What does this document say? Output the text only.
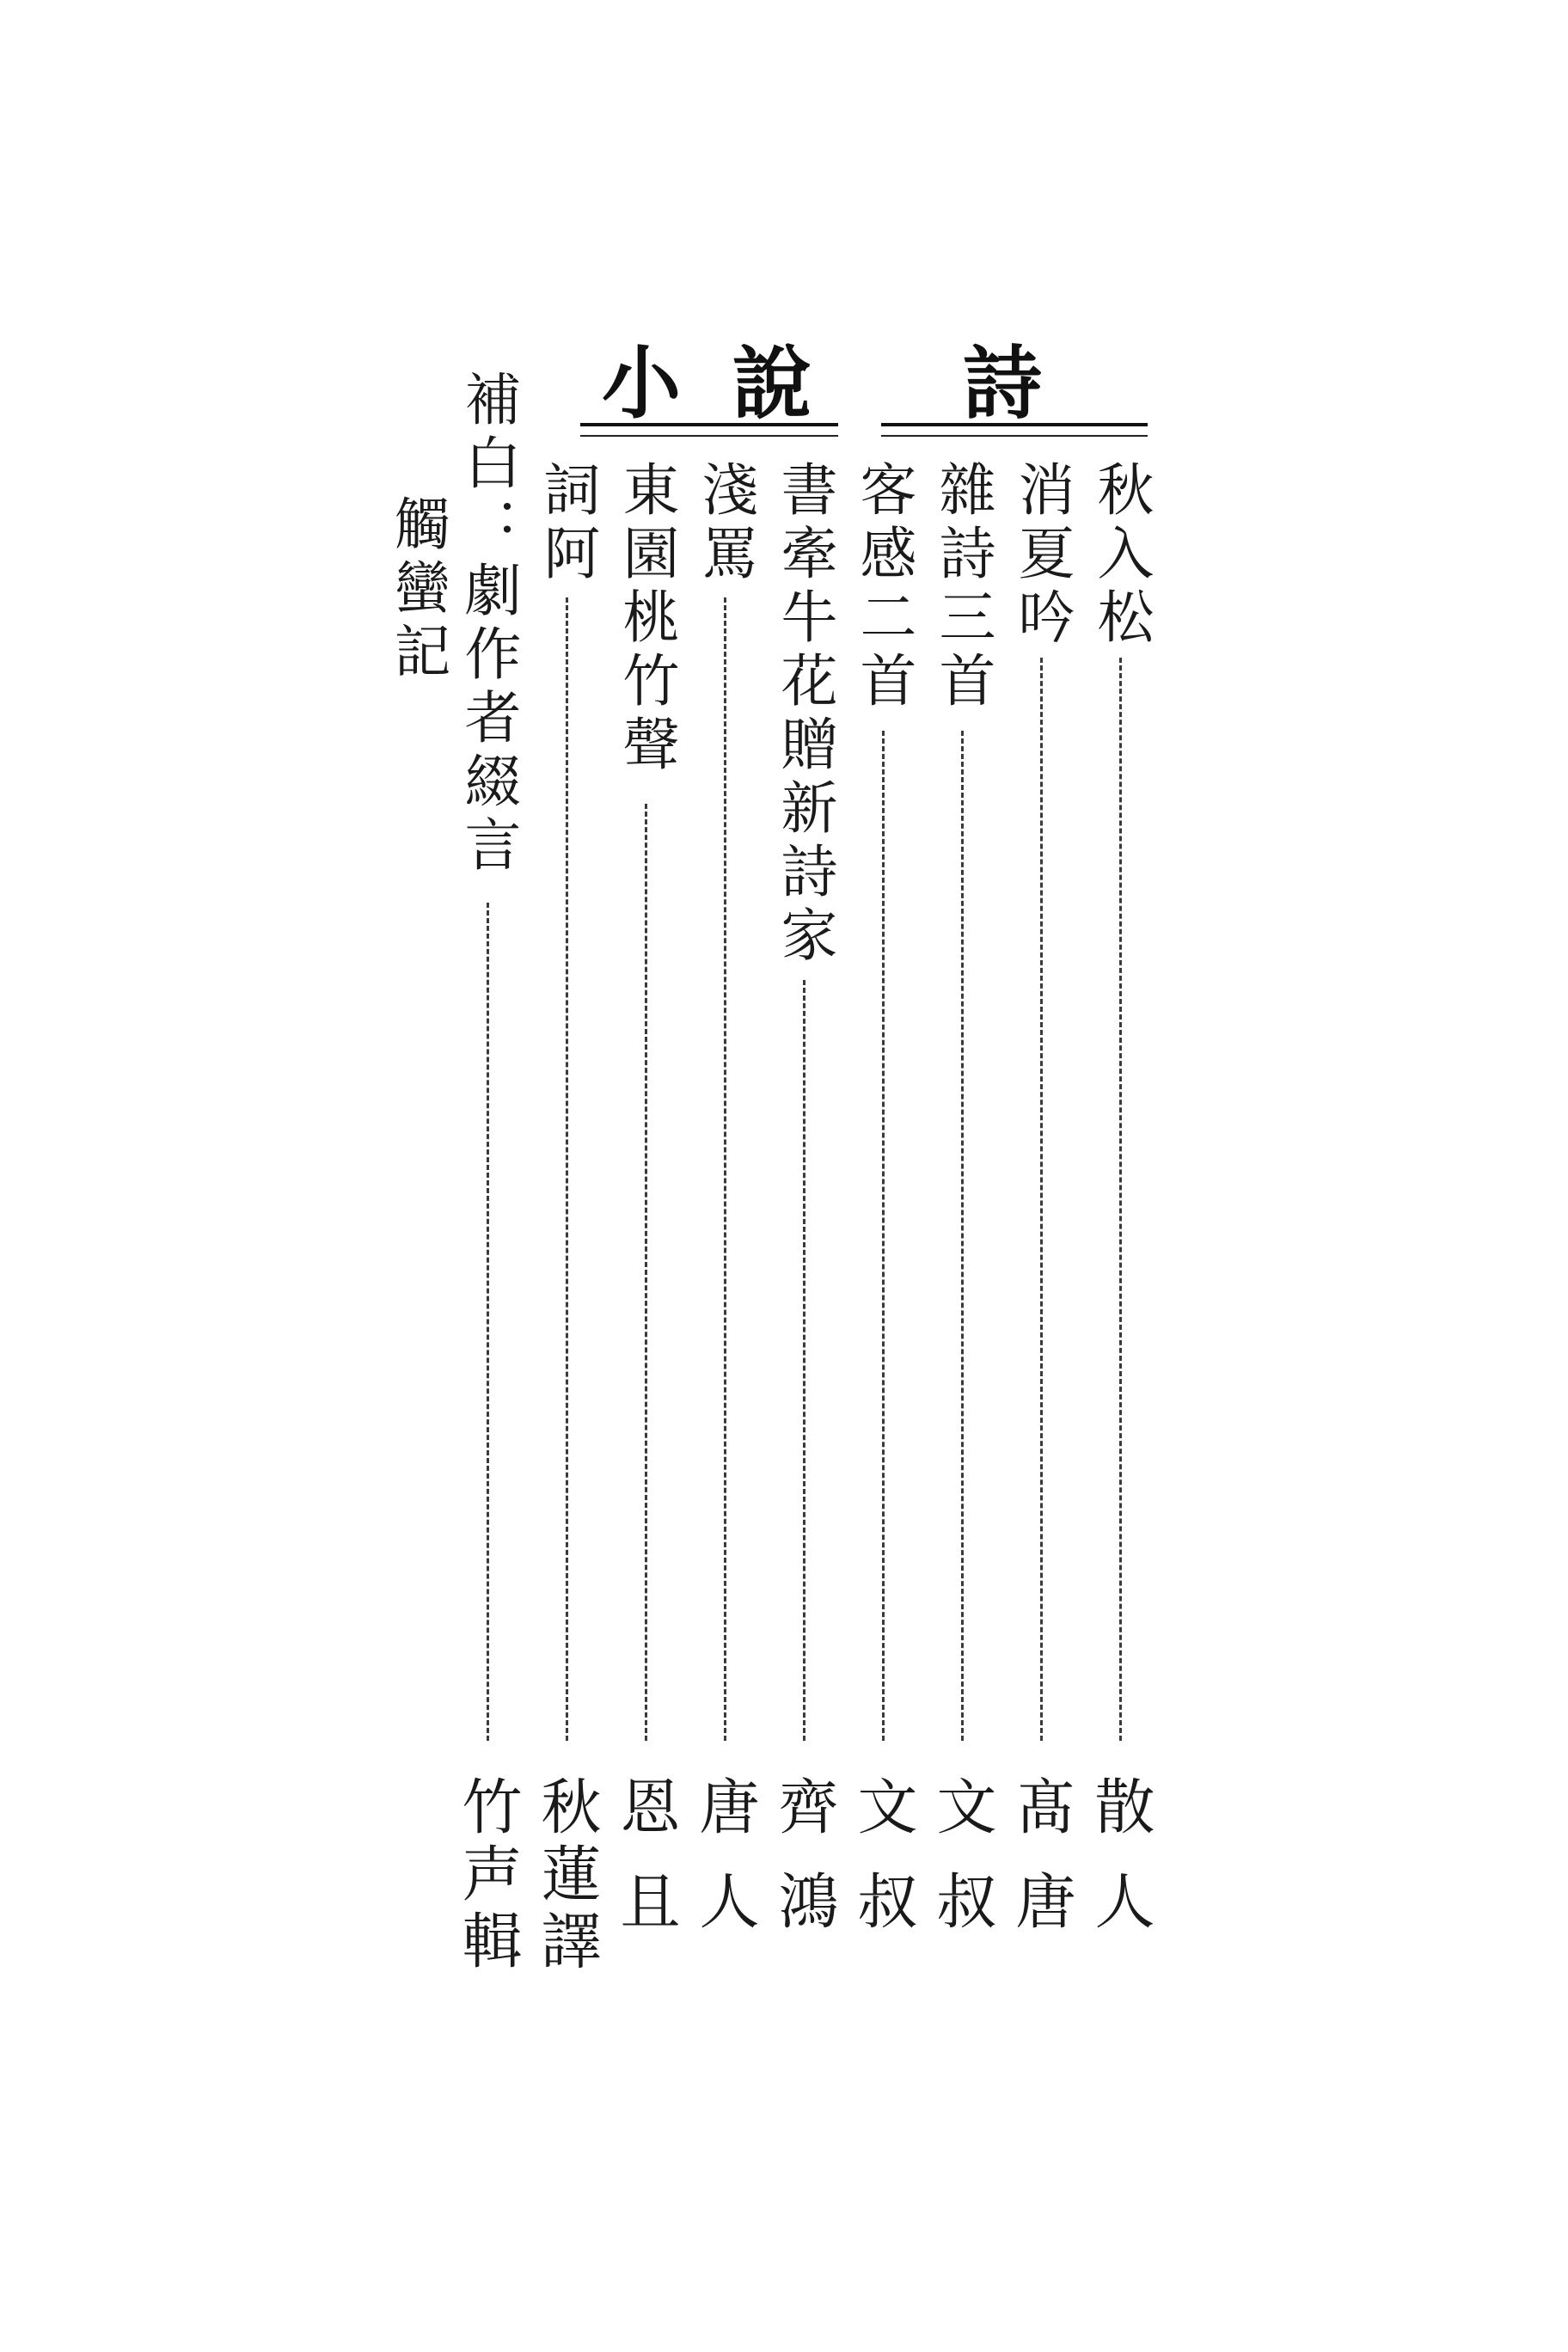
詩
小說
秋入松
散人
消夏吟
髙唐
雜詩三首
文叔
客感二首
文叔
書牽牛花贈新詩家
齊鴻
淺罵
唐人
東園桃竹聲
恩且
詞阿
秋蓮譯
補白：劇作者綴言
竹声輯
觸蠻記
